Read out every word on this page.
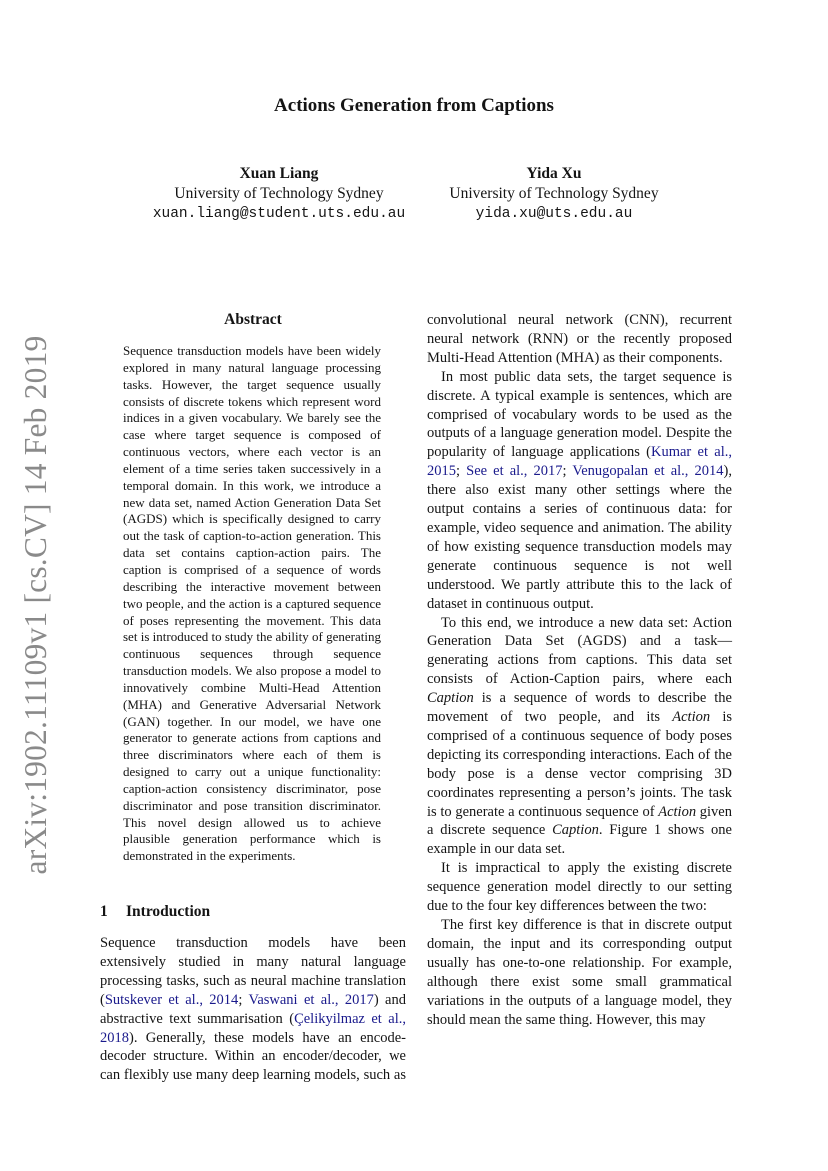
arXiv:1902.11109v1 [cs.CV] 14 Feb 2019
Actions Generation from Captions
Xuan Liang
University of Technology Sydney
xuan.liang@student.uts.edu.au
Yida Xu
University of Technology Sydney
yida.xu@uts.edu.au
Abstract
Sequence transduction models have been widely explored in many natural language processing tasks. However, the target sequence usually consists of discrete tokens which represent word indices in a given vocabulary. We barely see the case where target sequence is composed of continuous vectors, where each vector is an element of a time series taken successively in a temporal domain. In this work, we introduce a new data set, named Action Generation Data Set (AGDS) which is specifically designed to carry out the task of caption-to-action generation. This data set contains caption-action pairs. The caption is comprised of a sequence of words describing the interactive movement between two people, and the action is a captured sequence of poses representing the movement. This data set is introduced to study the ability of generating continuous sequences through sequence transduction models. We also propose a model to innovatively combine Multi-Head Attention (MHA) and Generative Adversarial Network (GAN) together. In our model, we have one generator to generate actions from captions and three discriminators where each of them is designed to carry out a unique functionality: caption-action consistency discriminator, pose discriminator and pose transition discriminator. This novel design allowed us to achieve plausible generation performance which is demonstrated in the experiments.
1 Introduction

Sequence transduction models have been extensively studied in many natural language processing tasks, such as neural machine translation (Sutskever et al., 2014; Vaswani et al., 2017) and abstractive text summarisation (Çelikyilmaz et al., 2018). Generally, these models have an encode-decoder structure. Within an encoder/decoder, we can flexibly use many deep learning models, such as

convolutional neural network (CNN), recurrent neural network (RNN) or the recently proposed Multi-Head Attention (MHA) as their components.

In most public data sets, the target sequence is discrete. A typical example is sentences, which are comprised of vocabulary words to be used as the outputs of a language generation model. Despite the popularity of language applications (Kumar et al., 2015; See et al., 2017; Venugopalan et al., 2014), there also exist many other settings where the output contains a series of continuous data: for example, video sequence and animation. The ability of how existing sequence transduction models may generate continuous sequence is not well understood. We partly attribute this to the lack of dataset in continuous output.

To this end, we introduce a new data set: Action Generation Data Set (AGDS) and a task—generating actions from captions. This data set consists of Action-Caption pairs, where each Caption is a sequence of words to describe the movement of two people, and its Action is comprised of a continuous sequence of body poses depicting its corresponding interactions. Each of the body pose is a dense vector comprising 3D coordinates representing a person’s joints. The task is to generate a continuous sequence of Action given a discrete sequence Caption. Figure 1 shows one example in our data set.

It is impractical to apply the existing discrete sequence generation model directly to our setting due to the four key differences between the two:

The first key difference is that in discrete output domain, the input and its corresponding output usually has one-to-one relationship. For example, although there exist some small grammatical variations in the outputs of a language model, they should mean the same thing. However, this may
